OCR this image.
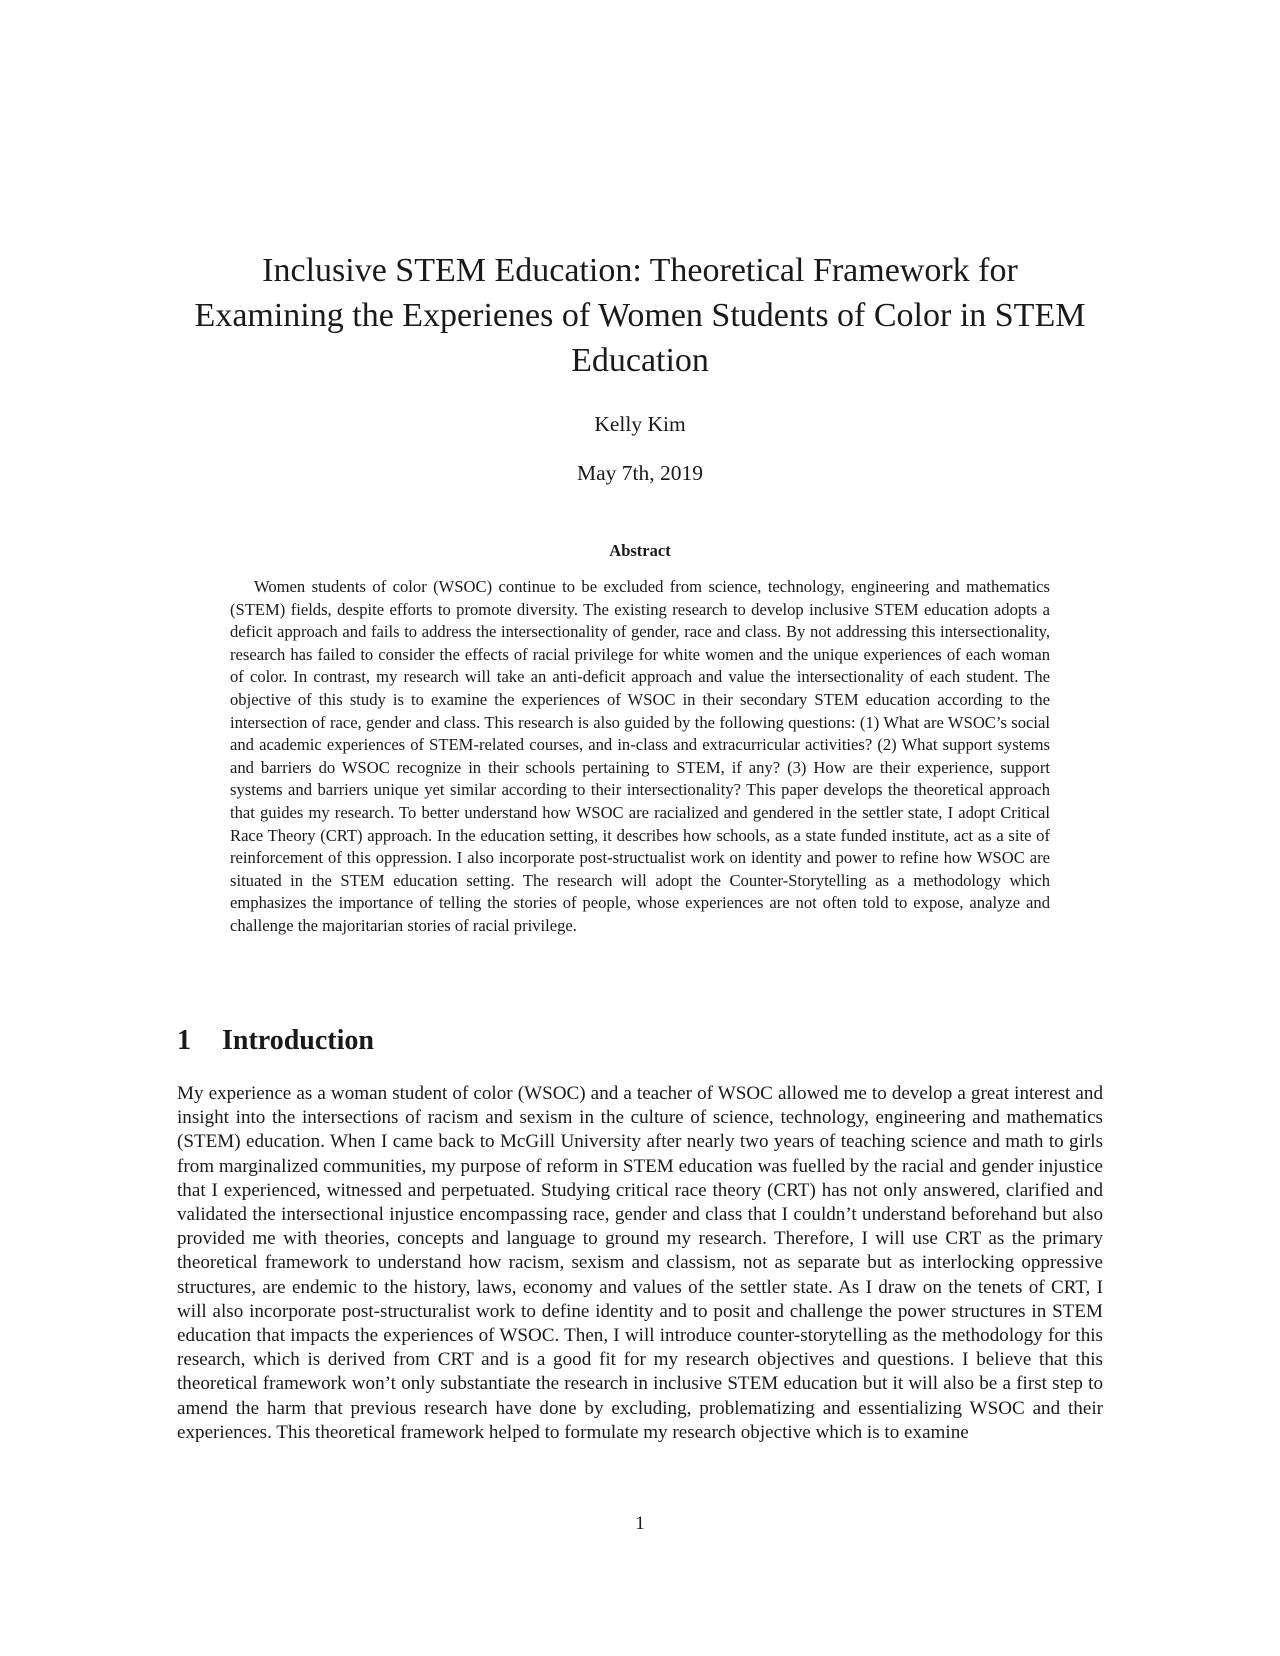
Inclusive STEM Education: Theoretical Framework for Examining the Experienes of Women Students of Color in STEM Education
Kelly Kim
May 7th, 2019
Abstract

Women students of color (WSOC) continue to be excluded from science, technology, engineering and mathematics (STEM) fields, despite efforts to promote diversity. The existing research to develop inclusive STEM education adopts a deficit approach and fails to address the intersectionality of gender, race and class. By not addressing this intersectionality, research has failed to consider the effects of racial privilege for white women and the unique experiences of each woman of color. In contrast, my research will take an anti-deficit approach and value the intersectionality of each student. The objective of this study is to examine the experiences of WSOC in their secondary STEM education according to the intersection of race, gender and class. This research is also guided by the following questions: (1) What are WSOC’s social and academic experiences of STEM-related courses, and in-class and extracurricular activities? (2) What support systems and barriers do WSOC recognize in their schools pertaining to STEM, if any? (3) How are their experience, support systems and barriers unique yet similar according to their intersectionality? This paper develops the theoretical approach that guides my research. To better understand how WSOC are racialized and gendered in the settler state, I adopt Critical Race Theory (CRT) approach. In the education setting, it describes how schools, as a state funded institute, act as a site of reinforcement of this oppression. I also incorporate post-structualist work on identity and power to refine how WSOC are situated in the STEM education setting. The research will adopt the Counter-Storytelling as a methodology which emphasizes the importance of telling the stories of people, whose experiences are not often told to expose, analyze and challenge the majoritarian stories of racial privilege.

1 Introduction

My experience as a woman student of color (WSOC) and a teacher of WSOC allowed me to develop a great interest and insight into the intersections of racism and sexism in the culture of science, technology, engineering and mathematics (STEM) education. When I came back to McGill University after nearly two years of teaching science and math to girls from marginalized communities, my purpose of reform in STEM education was fuelled by the racial and gender injustice that I experienced, witnessed and perpetuated. Studying critical race theory (CRT) has not only answered, clarified and validated the intersectional injustice encompassing race, gender and class that I couldn’t understand beforehand but also provided me with theories, concepts and language to ground my research. Therefore, I will use CRT as the primary theoretical framework to understand how racism, sexism and classism, not as separate but as interlocking oppressive structures, are endemic to the history, laws, economy and values of the settler state. As I draw on the tenets of CRT, I will also incorporate post-structuralist work to define identity and to posit and challenge the power structures in STEM education that impacts the experiences of WSOC. Then, I will introduce counter-storytelling as the methodology for this research, which is derived from CRT and is a good fit for my research objectives and questions. I believe that this theoretical framework won’t only substantiate the research in inclusive STEM education but it will also be a first step to amend the harm that previous research have done by excluding, problematizing and essentializing WSOC and their experiences. This theoretical framework helped to formulate my research objective which is to examine

1
